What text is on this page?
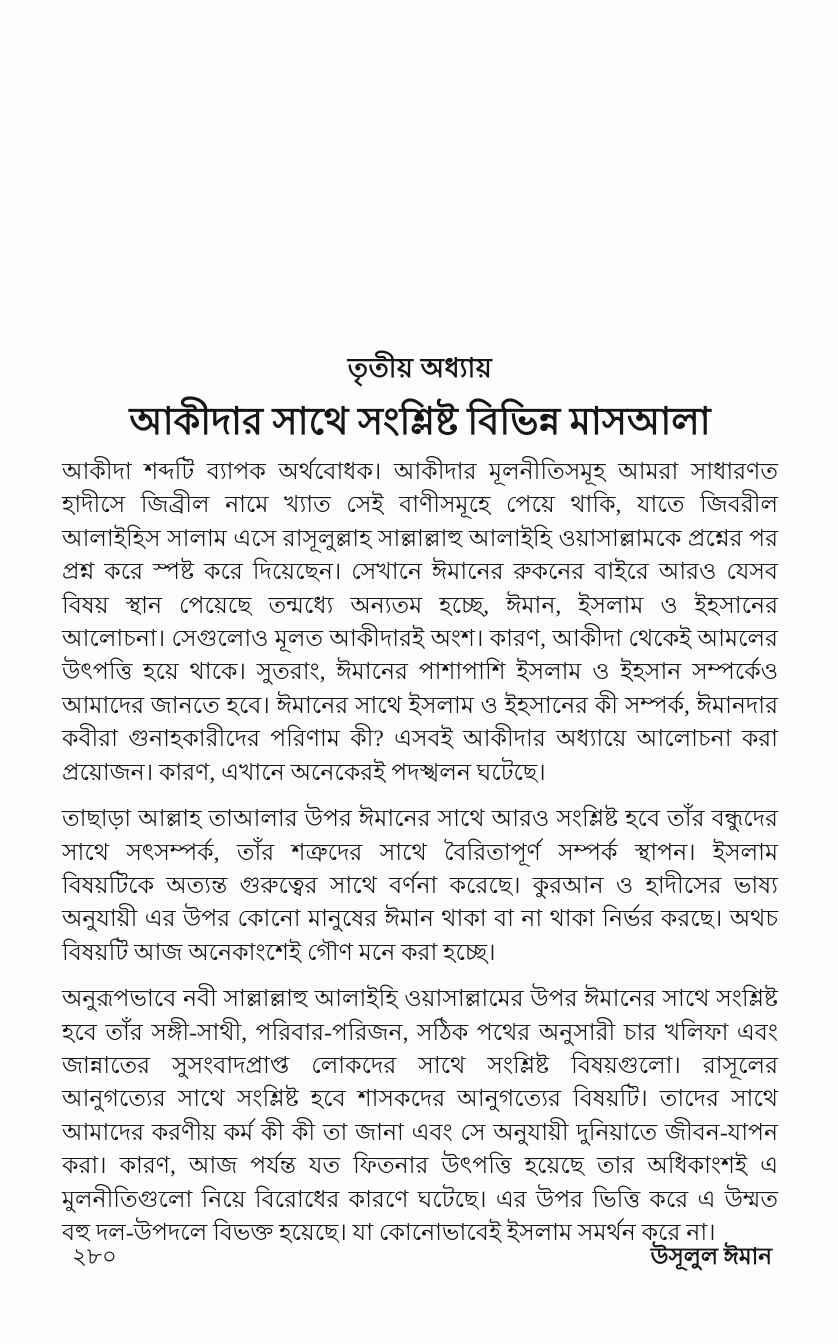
তৃতীয় অধ্যায়
আকীদার সাথে সংশ্লিষ্ট বিভিন্ন মাসআলা

আকীদা শব্দটি ব্যাপক অর্থবোধক। আকীদার মূলনীতিসমূহ আমরা সাধারণত হাদীসে জিব্রীল নামে খ্যাত সেই বাণীসমূহে পেয়ে থাকি, যাতে জিবরীল আলাইহিস সালাম এসে রাসূলুল্লাহ সাল্লাল্লাহু আলাইহি ওয়াসাল্লামকে প্রশ্নের পর প্রশ্ন করে স্পষ্ট করে দিয়েছেন। সেখানে ঈমানের রুকনের বাইরে আরও যেসব বিষয় স্থান পেয়েছে তন্মধ্যে অন্যতম হচ্ছে, ঈমান, ইসলাম ও ইহসানের আলোচনা। সেগুলোও মূলত আকীদারই অংশ। কারণ, আকীদা থেকেই আমলের উৎপত্তি হয়ে থাকে। সুতরাং, ঈমানের পাশাপাশি ইসলাম ও ইহসান সম্পর্কেও আমাদের জানতে হবে। ঈমানের সাথে ইসলাম ও ইহসানের কী সম্পর্ক, ঈমানদার কবীরা গুনাহকারীদের পরিণাম কী? এসবই আকীদার অধ্যায়ে আলোচনা করা প্রয়োজন। কারণ, এখানে অনেকেরই পদস্খলন ঘটেছে।

তাছাড়া আল্লাহ তাআলার উপর ঈমানের সাথে আরও সংশ্লিষ্ট হবে তাঁর বন্ধুদের সাথে সৎসম্পর্ক, তাঁর শত্রুদের সাথে বৈরিতাপূর্ণ সম্পর্ক স্থাপন। ইসলাম বিষয়টিকে অত্যন্ত গুরুত্বের সাথে বর্ণনা করেছে। কুরআন ও হাদীসের ভাষ্য অনুযায়ী এর উপর কোনো মানুষের ঈমান থাকা বা না থাকা নির্ভর করছে। অথচ বিষয়টি আজ অনেকাংশেই গৌণ মনে করা হচ্ছে।

অনুরূপভাবে নবী সাল্লাল্লাহু আলাইহি ওয়াসাল্লামের উপর ঈমানের সাথে সংশ্লিষ্ট হবে তাঁর সঙ্গী-সাথী, পরিবার-পরিজন, সঠিক পথের অনুসারী চার খলিফা এবং জান্নাতের সুসংবাদপ্রাপ্ত লোকদের সাথে সংশ্লিষ্ট বিষয়গুলো। রাসূলের আনুগত্যের সাথে সংশ্লিষ্ট হবে শাসকদের আনুগত্যের বিষয়টি। তাদের সাথে আমাদের করণীয় কর্ম কী কী তা জানা এবং সে অনুযায়ী দুনিয়াতে জীবন-যাপন করা। কারণ, আজ পর্যন্ত যত ফিতনার উৎপত্তি হয়েছে তার অধিকাংশই এ মুলনীতিগুলো নিয়ে বিরোধের কারণে ঘটেছে। এর উপর ভিত্তি করে এ উম্মত বহু দল-উপদলে বিভক্ত হয়েছে। যা কোনোভাবেই ইসলাম সমর্থন করে না।

২৮০	উসূলুল ঈমান
